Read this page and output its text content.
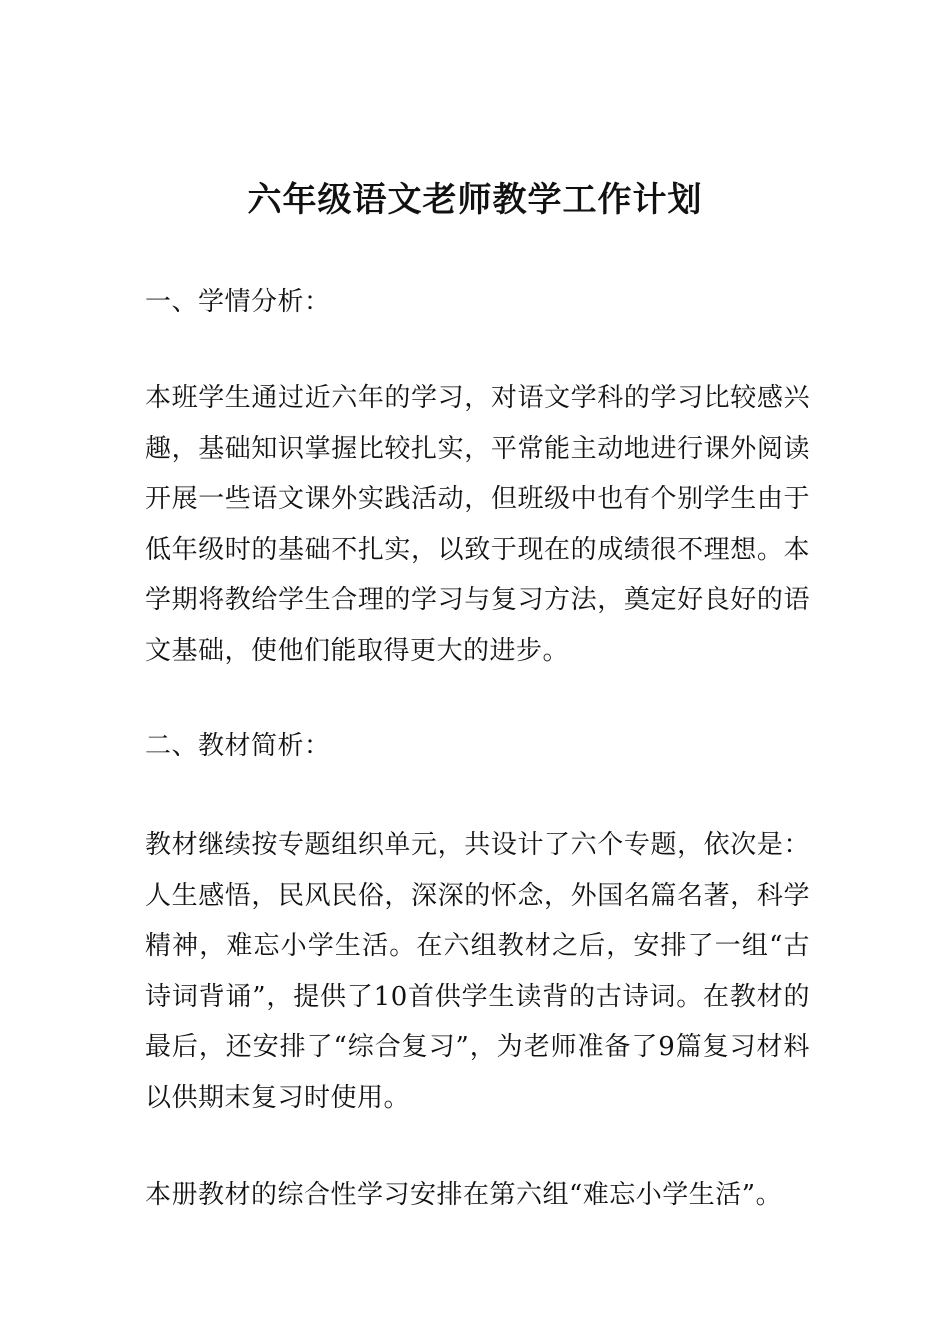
六年级语文老师教学工作计划
一、学情分析：

本班学生通过近六年的学习，对语文学科的学习比较感兴趣，基础知识掌握比较扎实，平常能主动地进行课外阅读开展一些语文课外实践活动，但班级中也有个别学生由于低年级时的基础不扎实，以致于现在的成绩很不理想。本学期将教给学生合理的学习与复习方法，奠定好良好的语文基础，使他们能取得更大的进步。

二、教材简析：

教材继续按专题组织单元，共设计了六个专题，依次是：人生感悟，民风民俗，深深的怀念，外国名篇名著，科学精神，难忘小学生活。在六组教材之后，安排了一组“古诗词背诵”，提供了10首供学生读背的古诗词。在教材的最后，还安排了“综合复习”，为老师准备了9篇复习材料以供期末复习时使用。

本册教材的综合性学习安排在第六组“难忘小学生活”。
